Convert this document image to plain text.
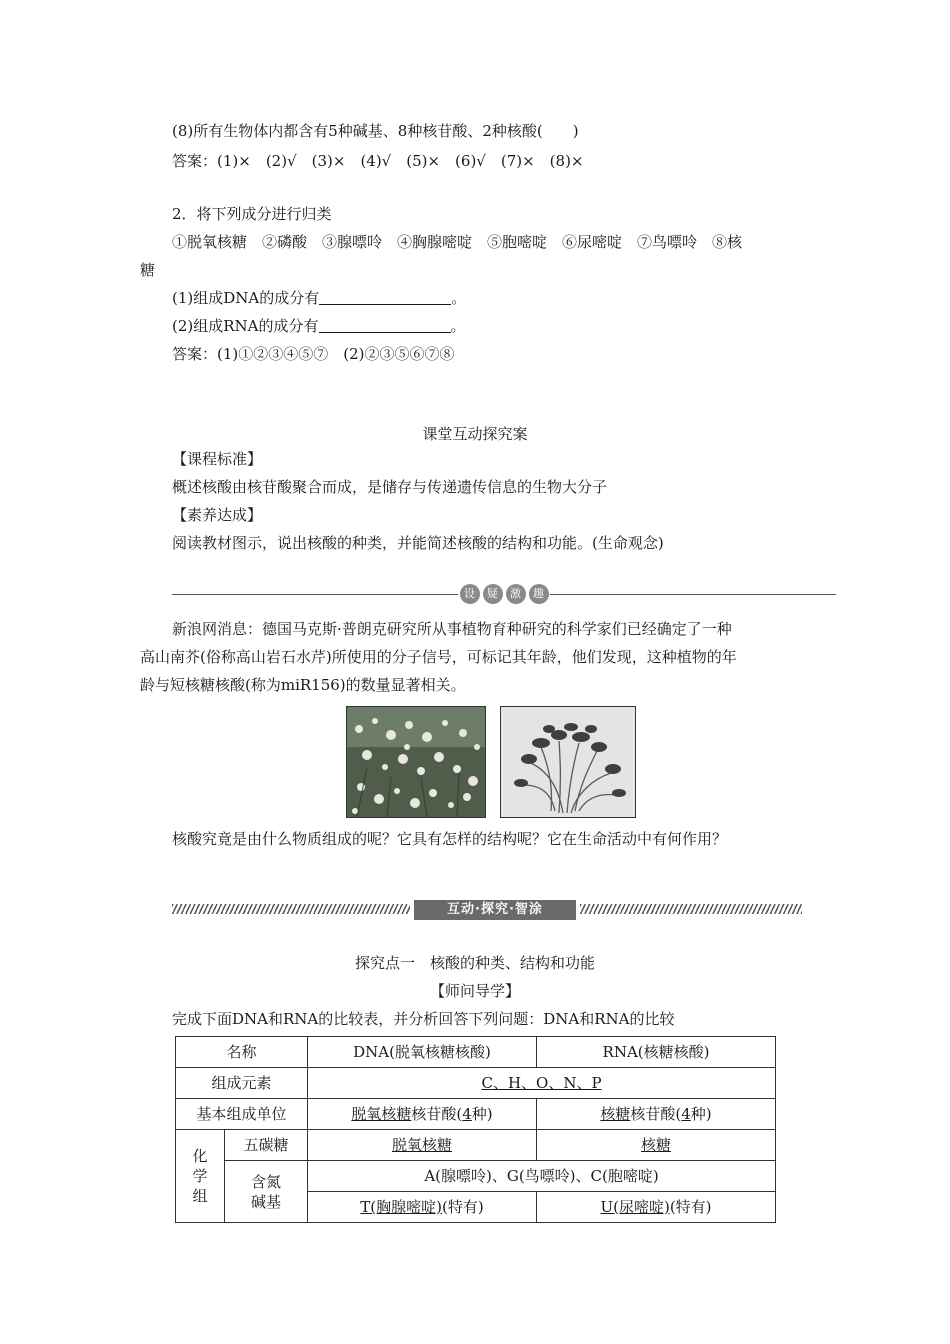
(8)所有生物体内都含有5种碱基、8种核苷酸、2种核酸(　　)
答案：(1)×　(2)√　(3)×　(4)√　(5)×　(6)√　(7)×　(8)×
2．将下列成分进行归类
①脱氧核糖　②磷酸　③腺嘌呤　④胸腺嘧啶　⑤胞嘧啶　⑥尿嘧啶　⑦鸟嘌呤　⑧核
糖
(1)组成DNA的成分有	。
(2)组成RNA的成分有	。
答案：(1)①②③④⑤⑦　(2)②③⑤⑥⑦⑧
课堂互动探究案
【课程标准】
概述核酸由核苷酸聚合而成，是储存与传递遗传信息的生物大分子
【素养达成】
阅读教材图示，说出核酸的种类，并能简述核酸的结构和功能。(生命观念)
设	疑	激	趣
新浪网消息：德国马克斯·普朗克研究所从事植物育种研究的科学家们已经确定了一种
高山南芥(俗称高山岩石水芹)所使用的分子信号，可标记其年龄，他们发现，这种植物的年
龄与短核糖核酸(称为miR156)的数量显著相关。
核酸究竟是由什么物质组成的呢？它具有怎样的结构呢？它在生命活动中有何作用？
互动·探究·智涂
探究点一　核酸的种类、结构和功能
【师问导学】
完成下面DNA和RNA的比较表，并分析回答下列问题：DNA和RNA的比较
名称		DNA(脱氧核糖核酸)	RNA(核糖核酸)
组成元素		C、H、O、N、P	
基本组成单位		脱氧核糖核苷酸(4种)	核糖核苷酸(4种)

化
学
组	五碳糖	脱氧核糖	核糖

	含氮
碱基	A(腺嘌呤)、G(鸟嘌呤)、C(胞嘧啶)	
		T(胸腺嘧啶)(特有)	U(尿嘧啶)(特有)
